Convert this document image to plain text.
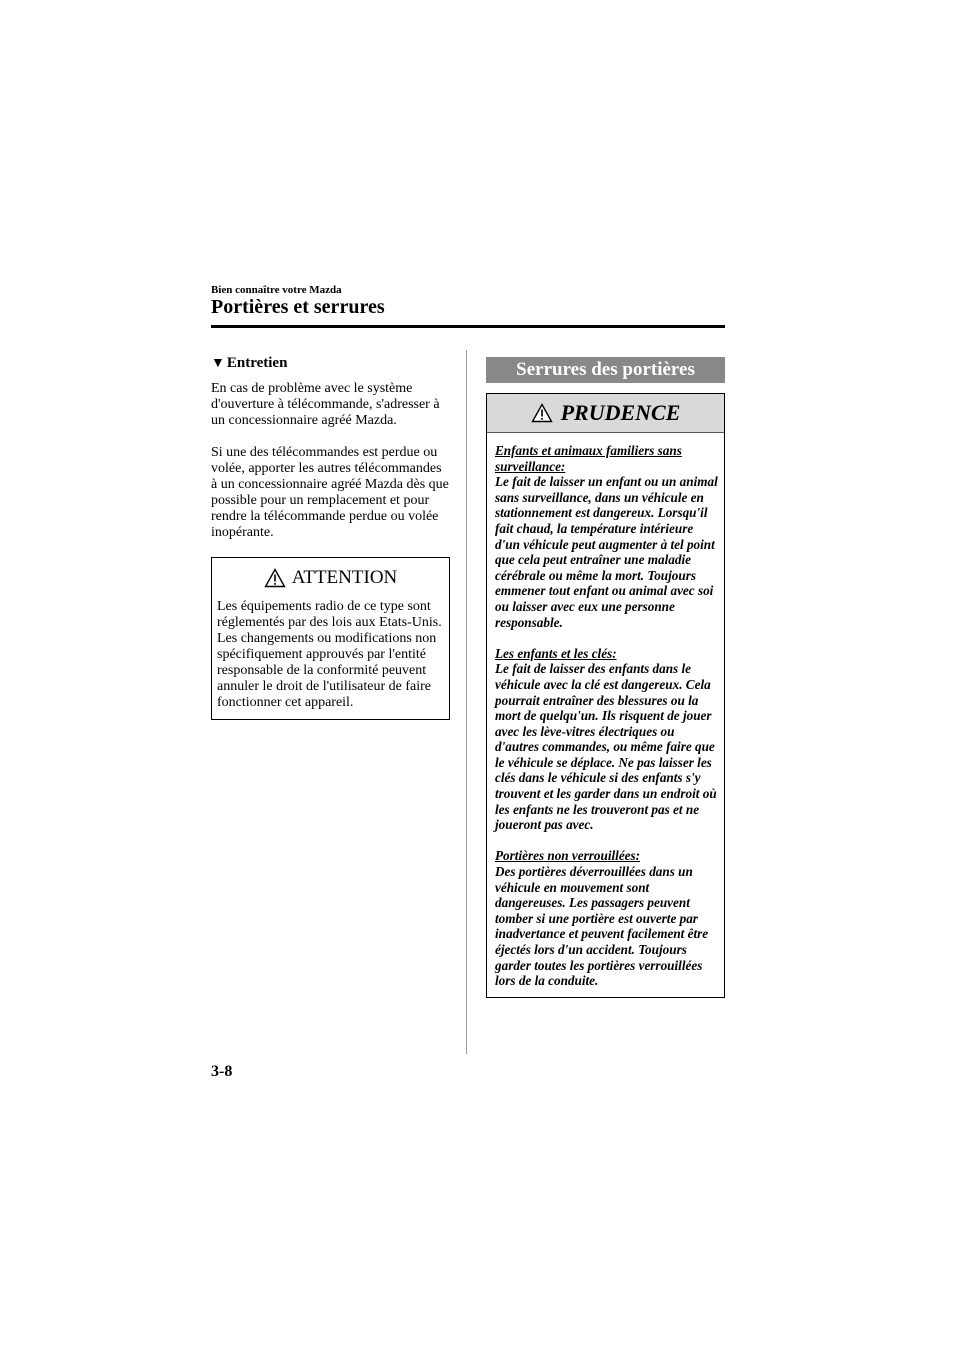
Bien connaître votre Mazda
Portières et serrures
▼ Entretien

En cas de problème avec le système d'ouverture à télécommande, s'adresser à un concessionnaire agréé Mazda.

Si une des télécommandes est perdue ou volée, apporter les autres télécommandes à un concessionnaire agréé Mazda dès que possible pour un remplacement et pour rendre la télécommande perdue ou volée inopérante.

ATTENTION
Les équipements radio de ce type sont réglementés par des lois aux Etats-Unis. Les changements ou modifications non spécifiquement approuvés par l'entité responsable de la conformité peuvent annuler le droit de l'utilisateur de faire fonctionner cet appareil.
Serrures des portières
PRUDENCE
Enfants et animaux familiers sans surveillance:
Le fait de laisser un enfant ou un animal sans surveillance, dans un véhicule en stationnement est dangereux. Lorsqu'il fait chaud, la température intérieure d'un véhicule peut augmenter à tel point que cela peut entraîner une maladie cérébrale ou même la mort. Toujours emmener tout enfant ou animal avec soi ou laisser avec eux une personne responsable.
Les enfants et les clés:
Le fait de laisser des enfants dans le véhicule avec la clé est dangereux. Cela pourrait entraîner des blessures ou la mort de quelqu'un. Ils risquent de jouer avec les lève-vitres électriques ou d'autres commandes, ou même faire que le véhicule se déplace. Ne pas laisser les clés dans le véhicule si des enfants s'y trouvent et les garder dans un endroit où les enfants ne les trouveront pas et ne joueront pas avec.
Portières non verrouillées:
Des portières déverrouillées dans un véhicule en mouvement sont dangereuses. Les passagers peuvent tomber si une portière est ouverte par inadvertance et peuvent facilement être éjectés lors d'un accident. Toujours garder toutes les portières verrouillées lors de la conduite.
3-8
